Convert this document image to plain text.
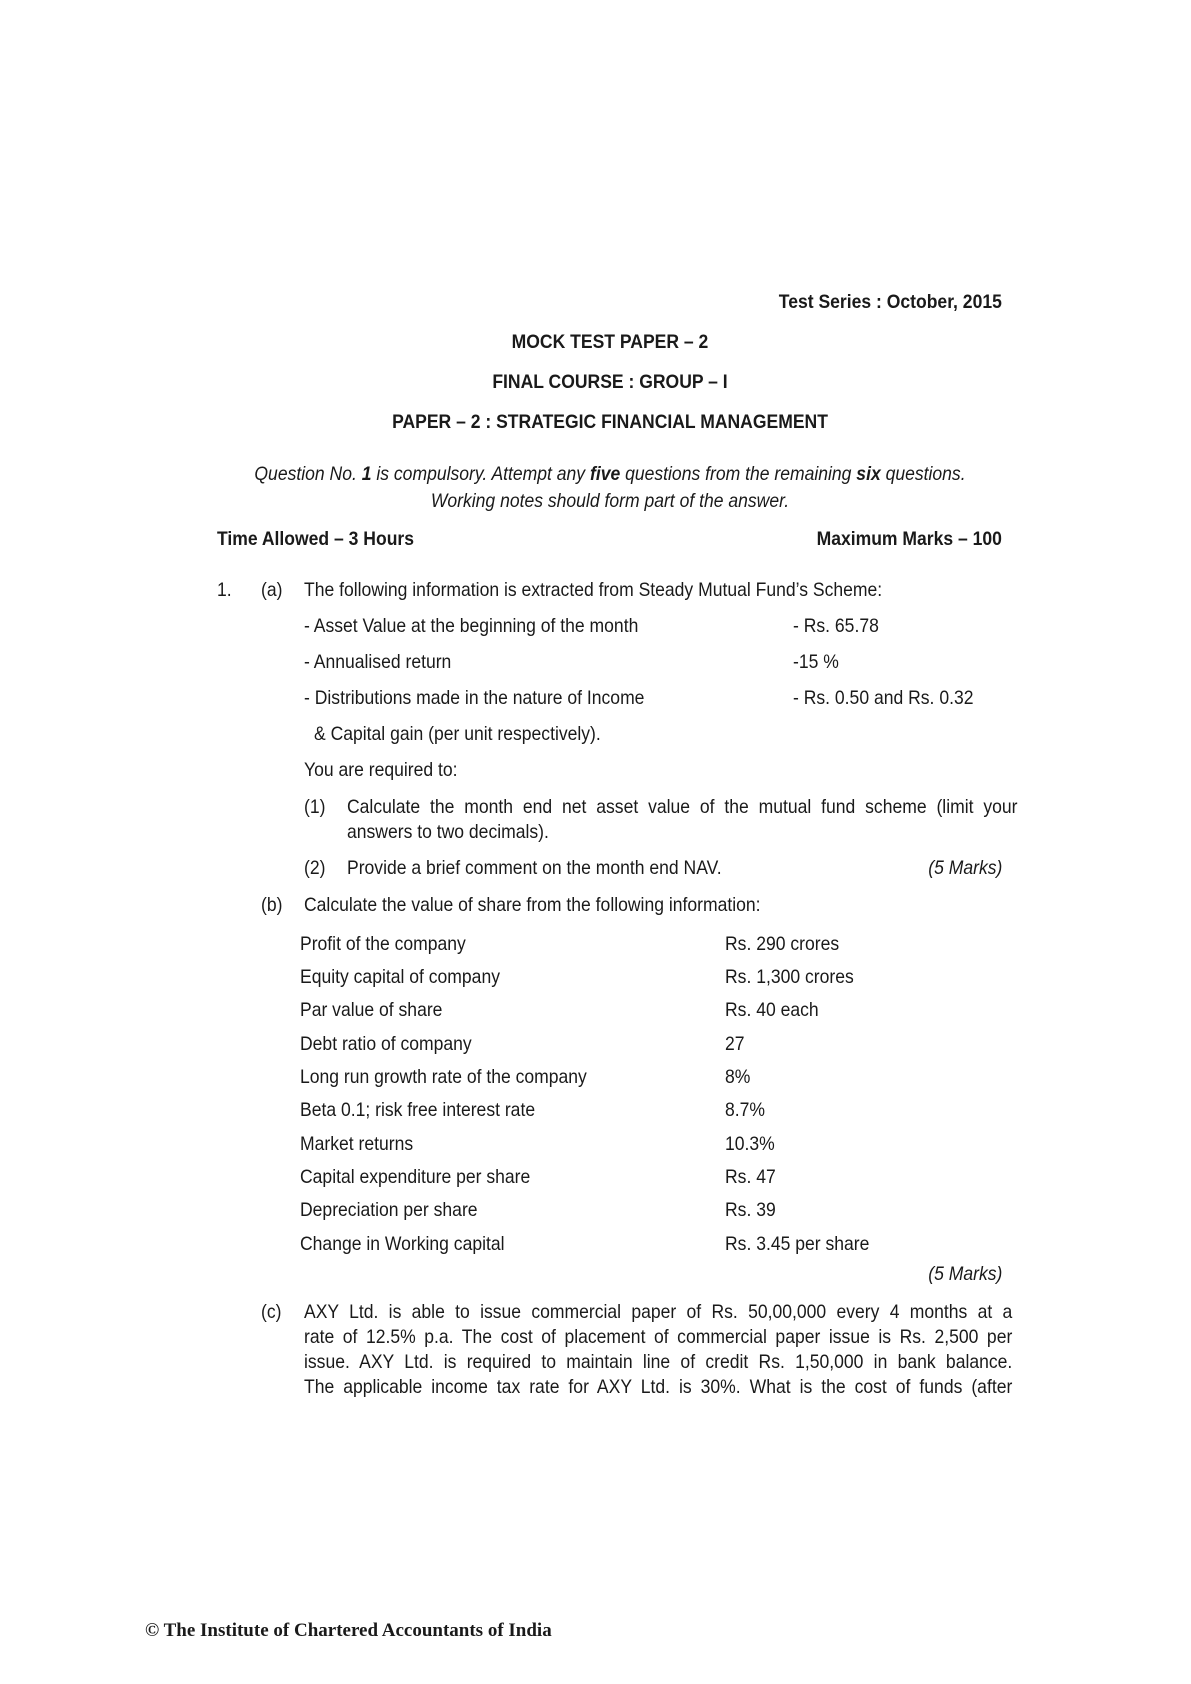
Test Series : October, 2015
MOCK TEST PAPER – 2
FINAL COURSE : GROUP – I
PAPER – 2 : STRATEGIC FINANCIAL MANAGEMENT
Question No. 1 is compulsory. Attempt any five questions from the remaining six questions.
Working notes should form part of the answer.
Time Allowed – 3 Hours	Maximum Marks – 100
1. (a) The following information is extracted from Steady Mutual Fund’s Scheme:
- Asset Value at the beginning of the month	- Rs. 65.78
- Annualised return	-15 %
- Distributions made in the nature of Income	- Rs. 0.50 and Rs. 0.32
& Capital gain (per unit respectively).
You are required to:
(1) Calculate the month end net asset value of the mutual fund scheme (limit your
answers to two decimals).
(2) Provide a brief comment on the month end NAV.	(5 Marks)
(b) Calculate the value of share from the following information:
Profit of the company	Rs. 290 crores
Equity capital of company	Rs. 1,300 crores
Par value of share	Rs. 40 each
Debt ratio of company	27
Long run growth rate of the company	8%
Beta 0.1; risk free interest rate	8.7%
Market returns	10.3%
Capital expenditure per share	Rs. 47
Depreciation per share	Rs. 39
Change in Working capital	Rs. 3.45 per share
(5 Marks)
(c) AXY Ltd. is able to issue commercial paper of Rs. 50,00,000 every 4 months at a
rate of 12.5% p.a. The cost of placement of commercial paper issue is Rs. 2,500 per
issue. AXY Ltd. is required to maintain line of credit Rs. 1,50,000 in bank balance.
The applicable income tax rate for AXY Ltd. is 30%. What is the cost of funds (after
© The Institute of Chartered Accountants of India
